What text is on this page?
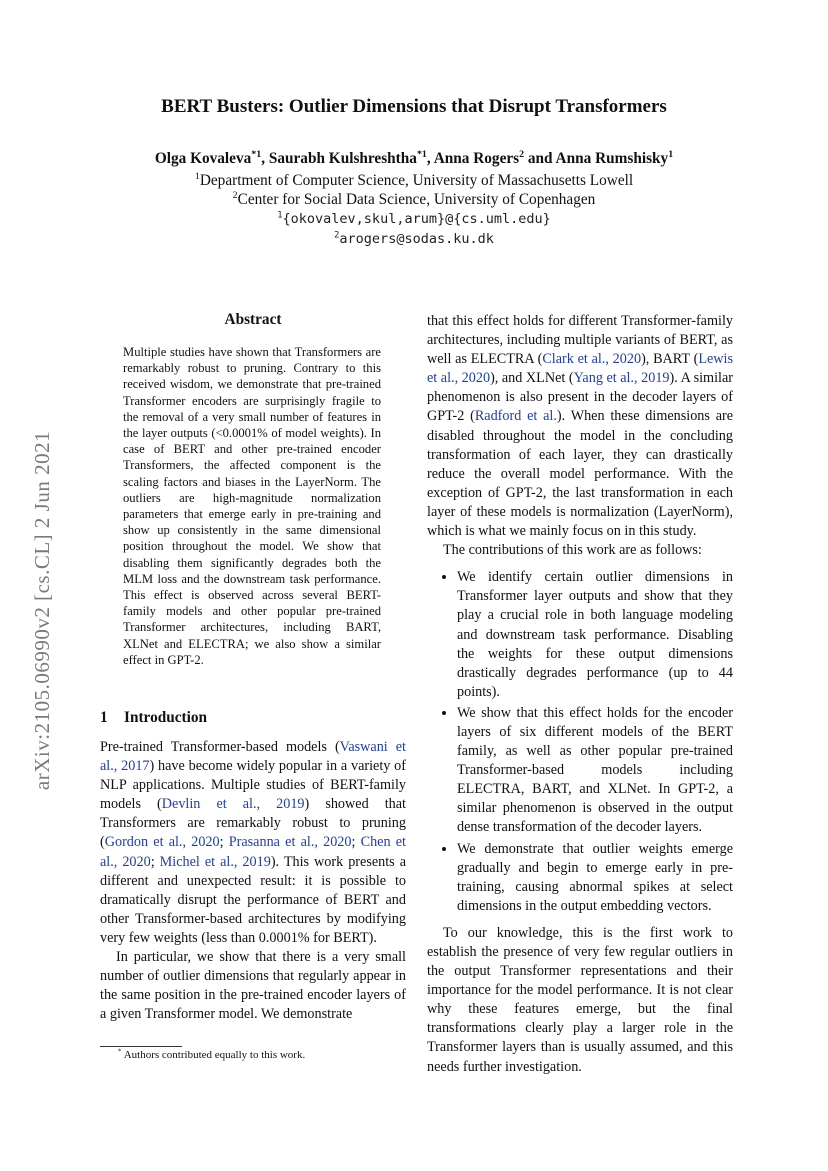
arXiv:2105.06990v2 [cs.CL] 2 Jun 2021
BERT Busters: Outlier Dimensions that Disrupt Transformers
Olga Kovaleva$^{*1}$, Saurabh Kulshreshtha$^{*1}$, Anna Rogers$^2$ and Anna Rumshisky$^1$
$^1$Department of Computer Science, University of Massachusetts Lowell
$^2$Center for Social Data Science, University of Copenhagen
$^1${okovalev,skul,arum}@{cs.uml.edu}
$^2$arogers@sodas.ku.dk
Abstract
Multiple studies have shown that Transformers are remarkably robust to pruning. Contrary to this received wisdom, we demonstrate that pre-trained Transformer encoders are surprisingly fragile to the removal of a very small number of features in the layer outputs (<0.0001% of model weights). In case of BERT and other pre-trained encoder Transformers, the affected component is the scaling factors and biases in the LayerNorm. The outliers are high-magnitude normalization parameters that emerge early in pre-training and show up consistently in the same dimensional position throughout the model. We show that disabling them significantly degrades both the MLM loss and the downstream task performance. This effect is observed across several BERT-family models and other popular pre-trained Transformer architectures, including BART, XLNet and ELECTRA; we also show a similar effect in GPT-2.
1 Introduction

Pre-trained Transformer-based models (Vaswani et al., 2017) have become widely popular in a variety of NLP applications. Multiple studies of BERT-family models (Devlin et al., 2019) showed that Transformers are remarkably robust to pruning (Gordon et al., 2020; Prasanna et al., 2020; Chen et al., 2020; Michel et al., 2019). This work presents a different and unexpected result: it is possible to dramatically disrupt the performance of BERT and other Transformer-based architectures by modifying very few weights (less than 0.0001% for BERT).

In particular, we show that there is a very small number of outlier dimensions that regularly appear in the same position in the pre-trained encoder layers of a given Transformer model. We demonstrate

that this effect holds for different Transformer-family architectures, including multiple variants of BERT, as well as ELECTRA (Clark et al., 2020), BART (Lewis et al., 2020), and XLNet (Yang et al., 2019). A similar phenomenon is also present in the decoder layers of GPT-2 (Radford et al.). When these dimensions are disabled throughout the model in the concluding transformation of each layer, they can drastically reduce the overall model performance. With the exception of GPT-2, the last transformation in each layer of these models is normalization (LayerNorm), which is what we mainly focus on in this study.

The contributions of this work are as follows:

• We identify certain outlier dimensions in Transformer layer outputs and show that they play a crucial role in both language modeling and downstream task performance. Disabling the weights for these output dimensions drastically degrades performance (up to 44 points).
• We show that this effect holds for the encoder layers of six different models of the BERT family, as well as other popular pre-trained Transformer-based models including ELECTRA, BART, and XLNet. In GPT-2, a similar phenomenon is observed in the output dense transformation of the decoder layers.
• We demonstrate that outlier weights emerge gradually and begin to emerge early in pre-training, causing abnormal spikes at select dimensions in the output embedding vectors.

To our knowledge, this is the first work to establish the presence of very few regular outliers in the output Transformer representations and their importance for the model performance. It is not clear why these features emerge, but the final transformations clearly play a larger role in the Transformer layers than is usually assumed, and this needs further investigation.

* Authors contributed equally to this work.
